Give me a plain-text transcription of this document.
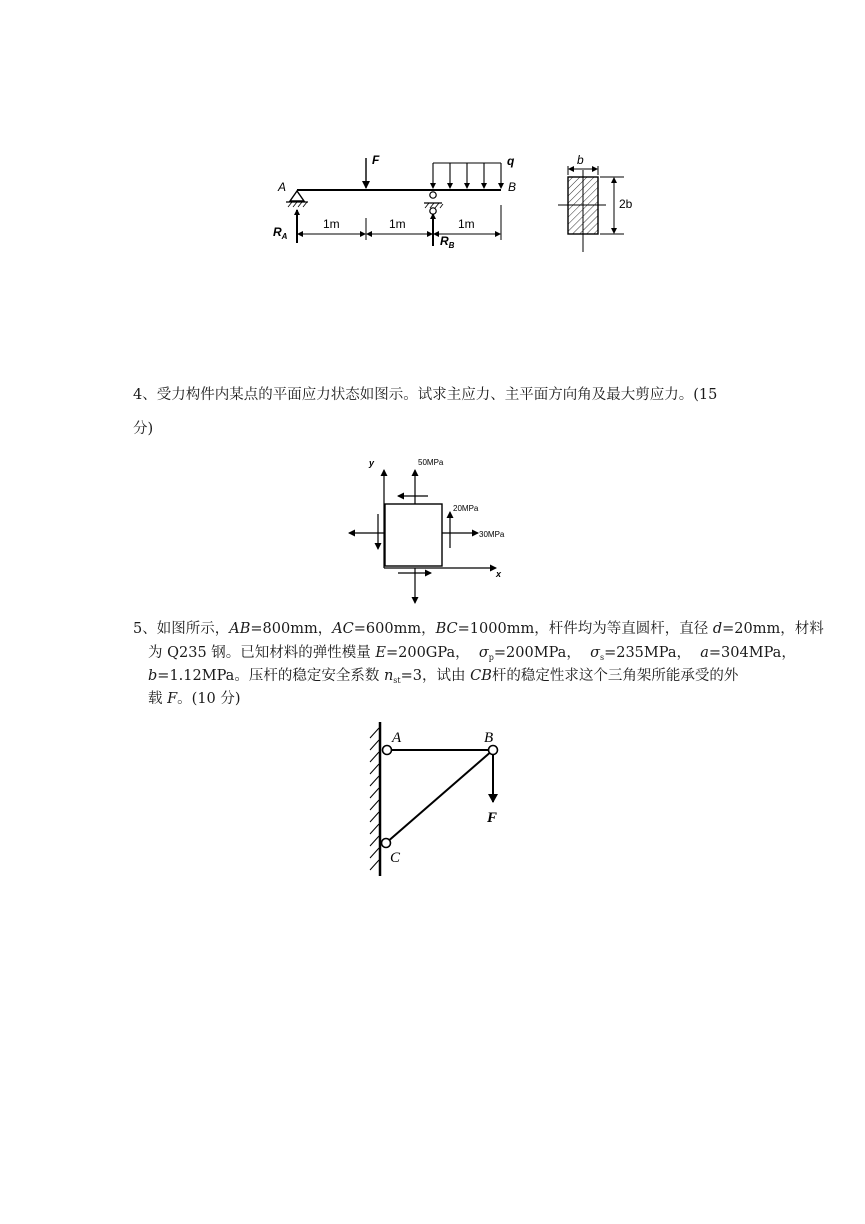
F	q
A	B
$R_A$	$R_B$
1m	1m	1m
b
2b
4、受力构件内某点的平面应力状态如图示。试求主应力、主平面方向角及最大剪应力。(15
分)
y
x
50MPa
20MPa
30MPa
5、如图所示，AB=800mm，AC=600mm，BC=1000mm，杆件均为等直圆杆，直径 d=20mm，材料
为 Q235 钢。已知材料的弹性模量 E=200GPa， $\sigma_p=200MPa$， $\sigma_s=235MPa$， a=304MPa，
b=1.12MPa。压杆的稳定安全系数 $n_{st}=3$，试由 CB杆的稳定性求这个三角架所能承受的外
载 F。(10 分)
A	B
C
F
